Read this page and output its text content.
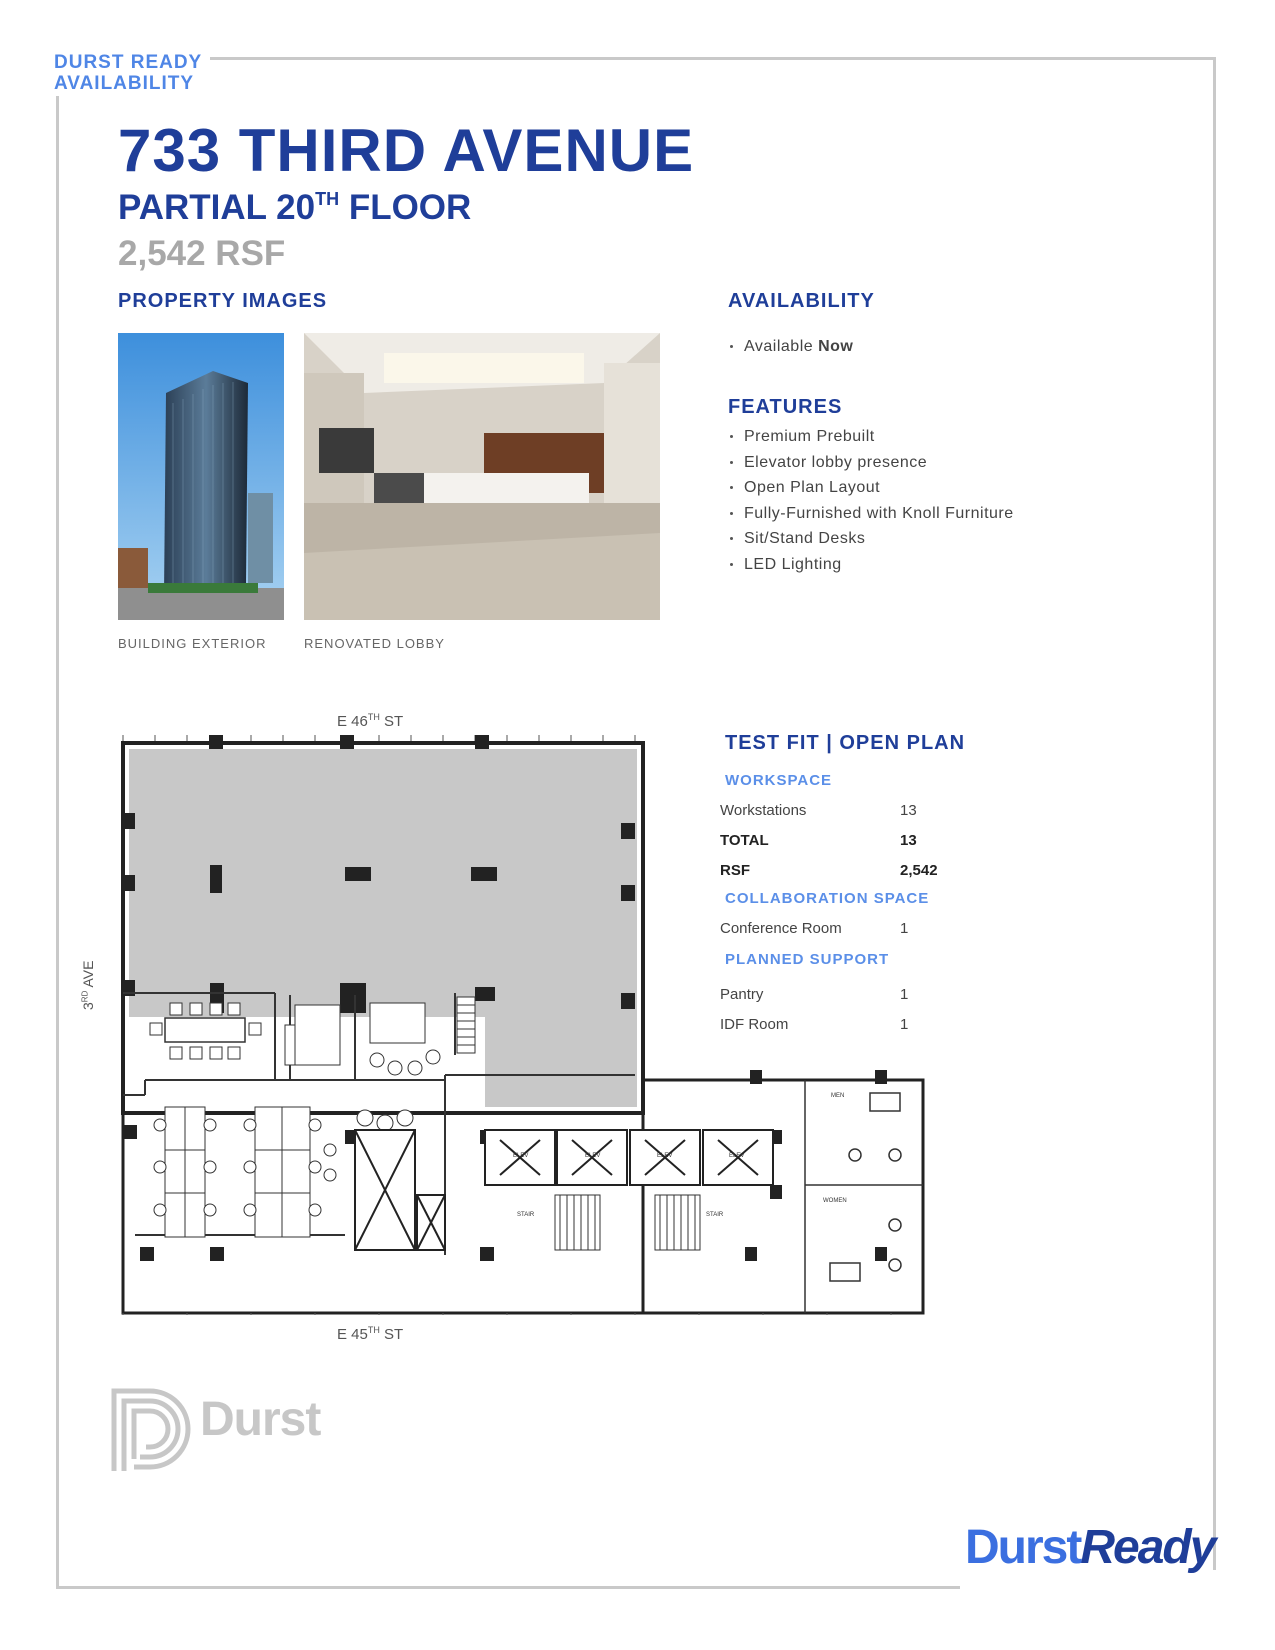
DURST READY
AVAILABILITY
733 THIRD AVENUE
PARTIAL 20TH FLOOR
2,542 RSF
PROPERTY IMAGES
BUILDING EXTERIOR	RENOVATED LOBBY
AVAILABILITY
Available Now
FEATURES
Premium Prebuilt
Elevator lobby presence
Open Plan Layout
Fully-Furnished with Knoll Furniture
Sit/Stand Desks
LED Lighting
E 46TH ST
E 45TH ST
3RD AVE
MEN
WOMEN
STAIR	STAIR
ELEV	ELEV	ELEV	ELEV
TEST FIT | OPEN PLAN
WORKSPACE
Workstations	13
TOTAL	13
RSF	2,542
COLLABORATION SPACE
Conference Room	1
PLANNED SUPPORT
Pantry	1
IDF Room	1
Durst
DurstReady
